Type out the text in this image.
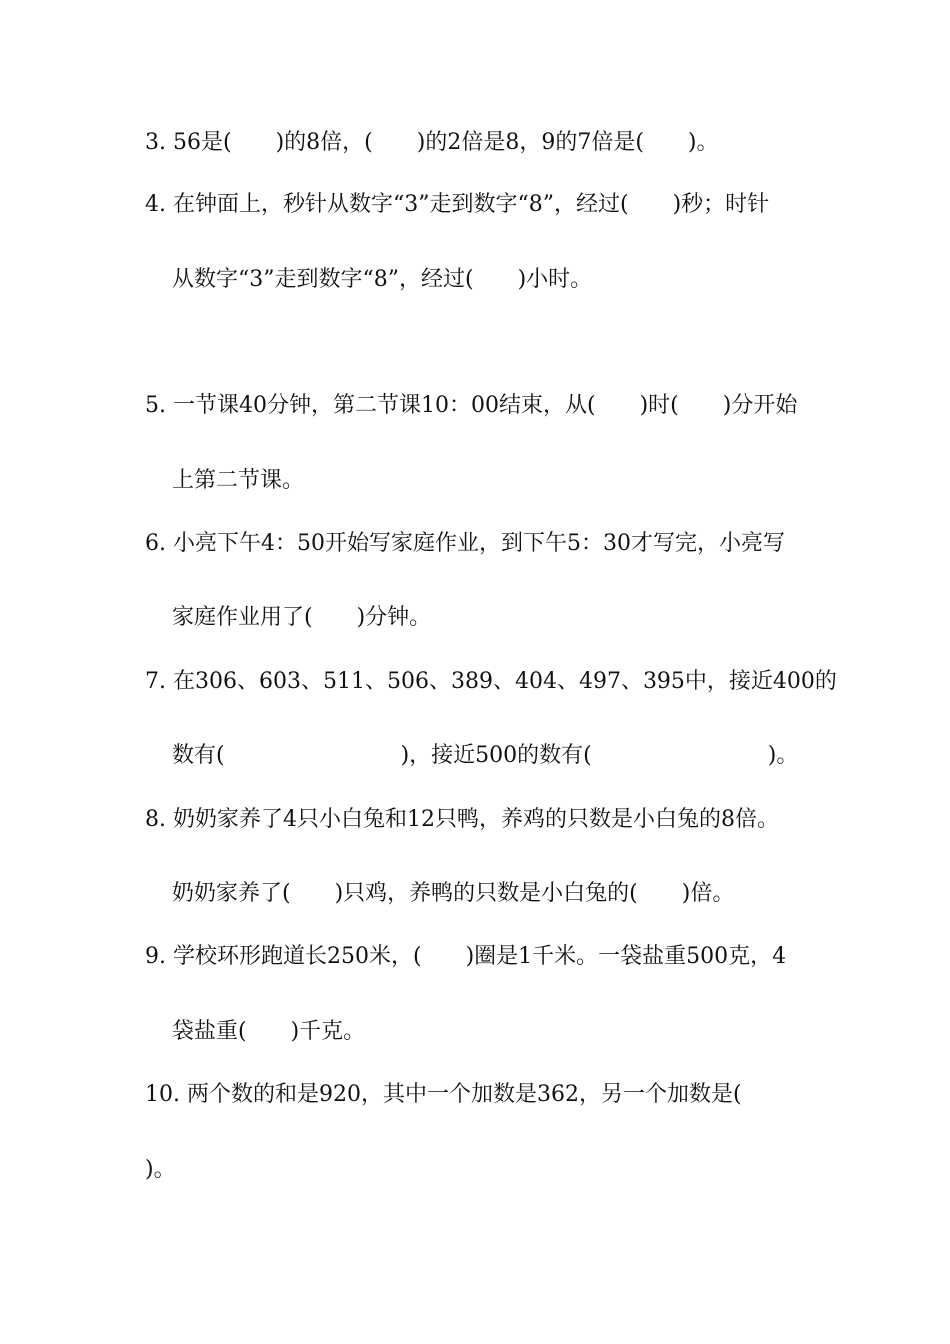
3. 56是(　　)的8倍，(　　)的2倍是8，9的7倍是(　　)。

4. 在钟面上，秒针从数字“3”走到数字“8”，经过(　　)秒；时针

从数字“3”走到数字“8”，经过(　　)小时。

5. 一节课40分钟，第二节课10：00结束，从(　　)时(　　)分开始

上第二节课。

6. 小亮下午4：50开始写家庭作业，到下午5：30才写完，小亮写

家庭作业用了(　　)分钟。

7. 在306、603、511、506、389、404、497、395中，接近400的

数有(　　　　　　　　)，接近500的数有(　　　　　　　　)。

8. 奶奶家养了4只小白兔和12只鸭，养鸡的只数是小白兔的8倍。

奶奶家养了(　　)只鸡，养鸭的只数是小白兔的(　　)倍。

9. 学校环形跑道长250米，(　　)圈是1千米。一袋盐重500克，4

袋盐重(　　)千克。

10. 两个数的和是920，其中一个加数是362，另一个加数是(

)。
